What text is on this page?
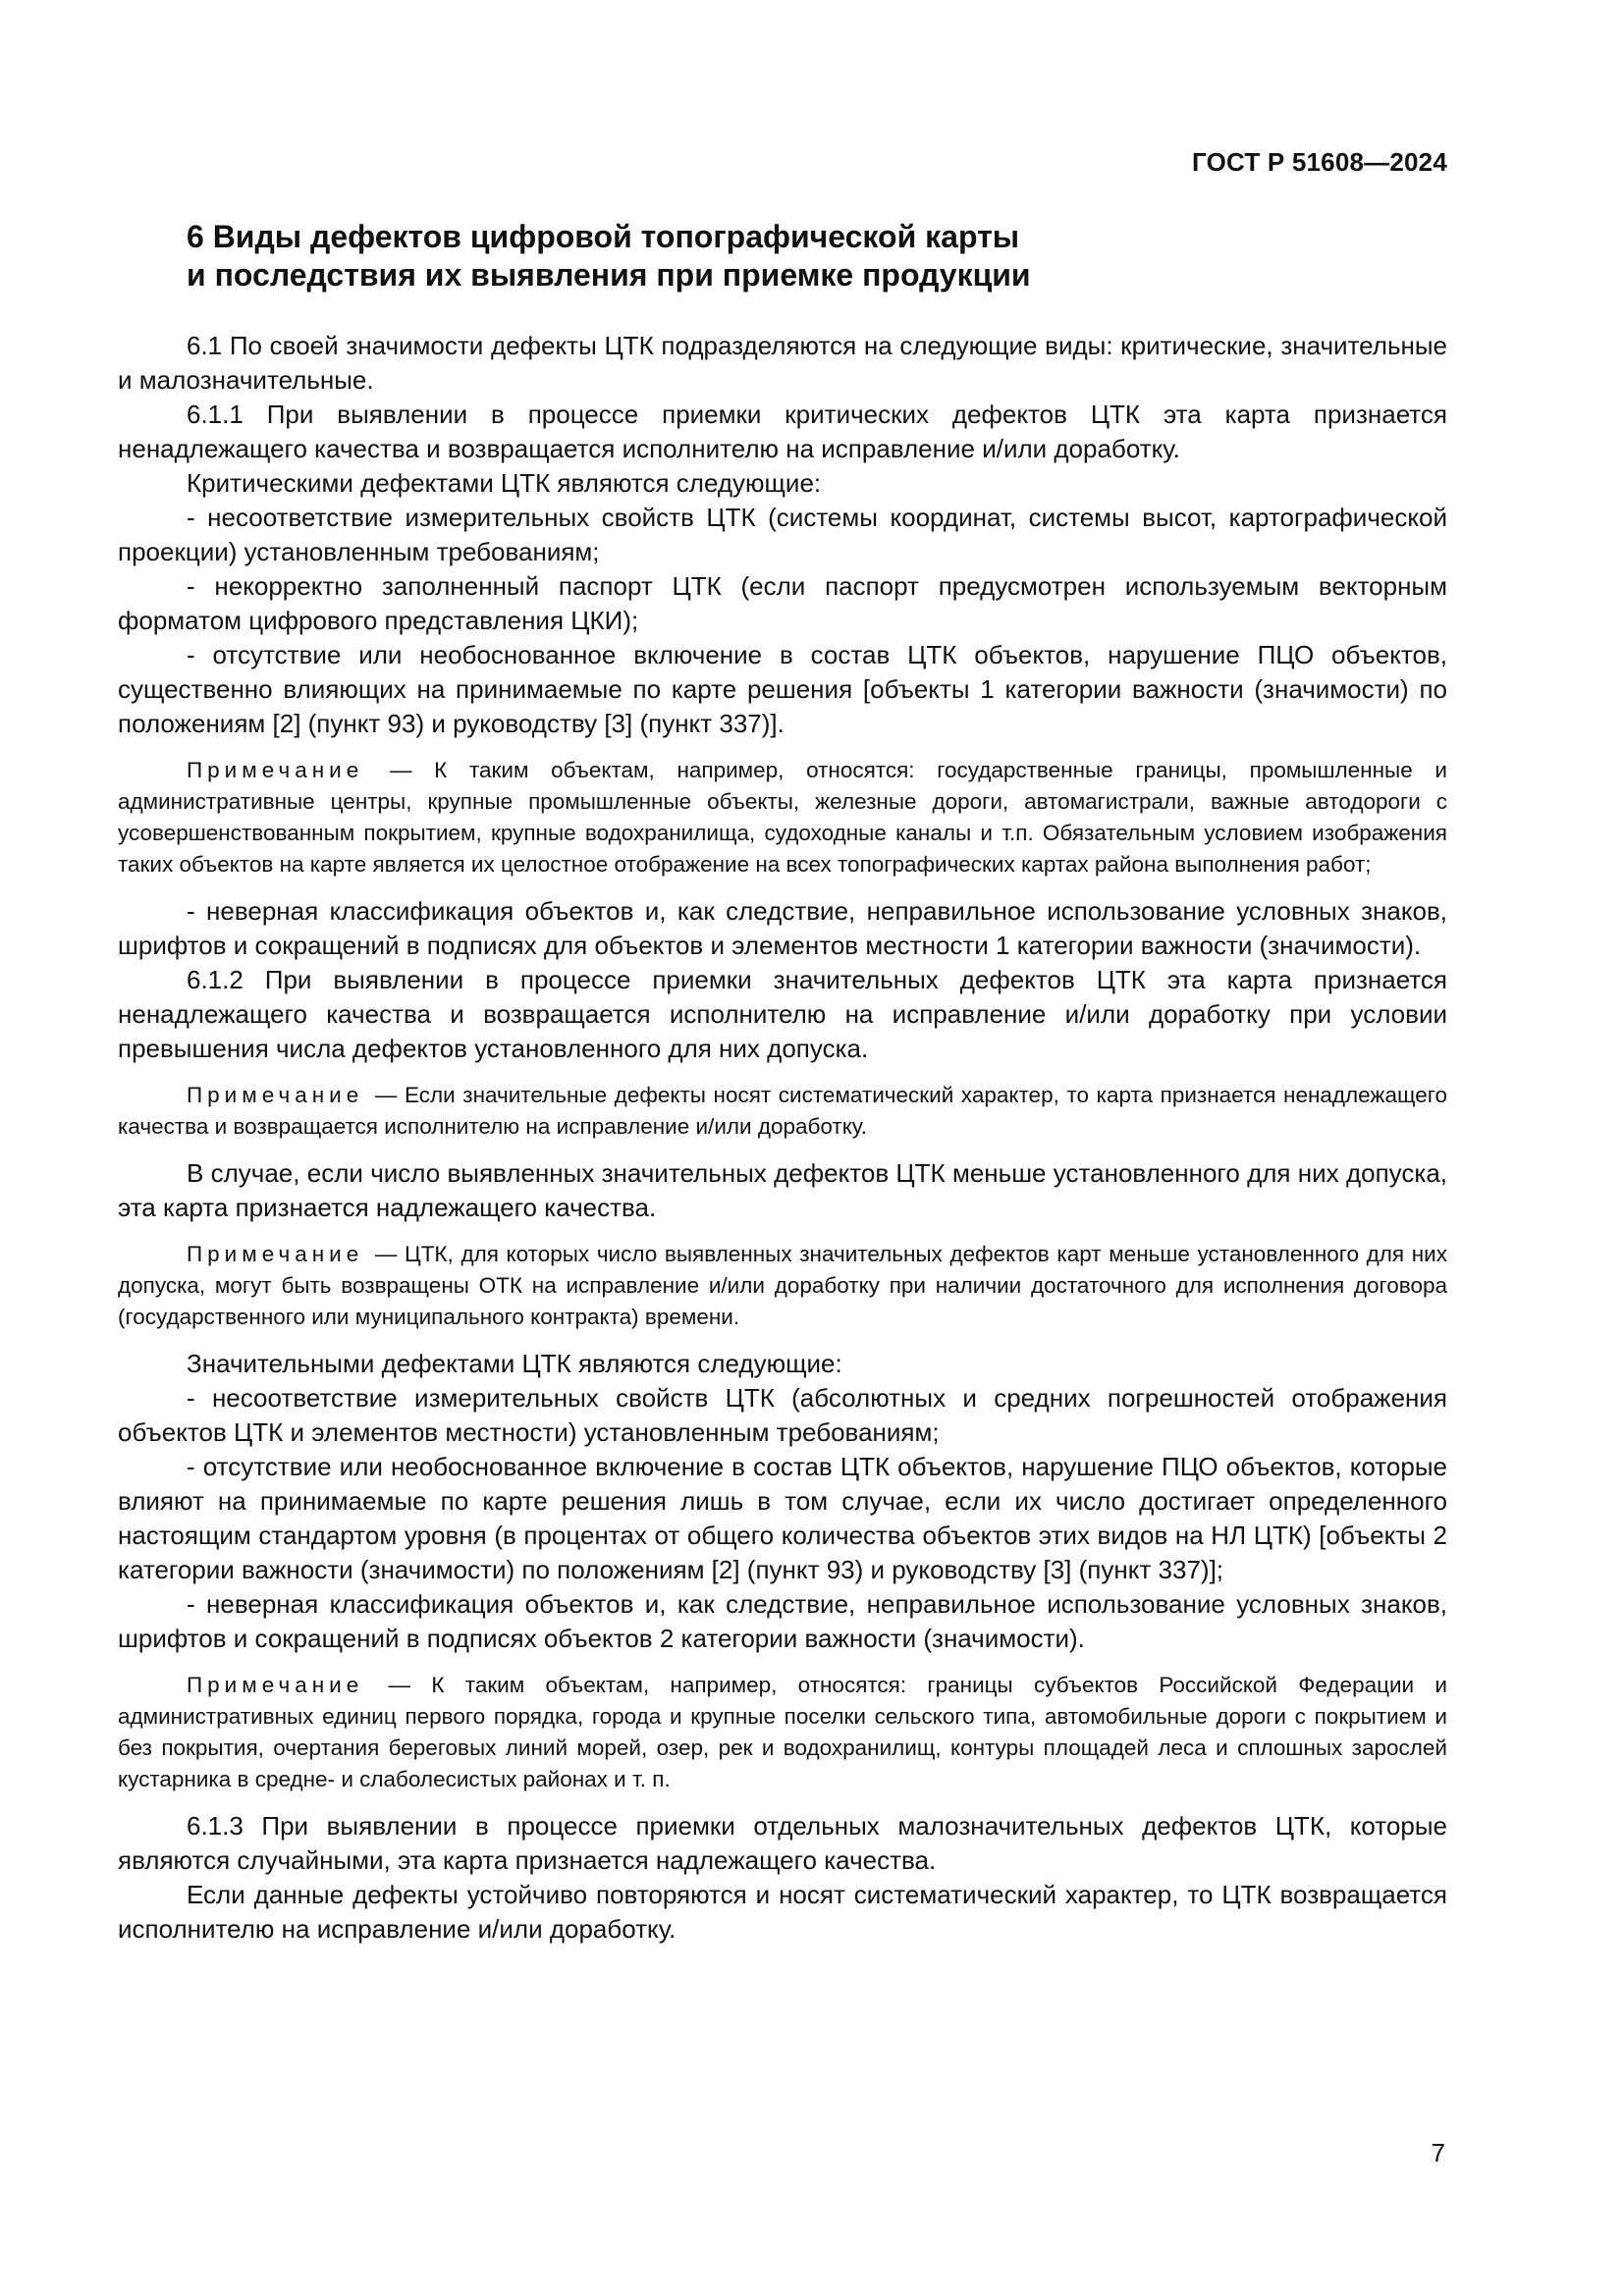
ГОСТ Р 51608—2024
6 Виды дефектов цифровой топографической карты
и последствия их выявления при приемке продукции

6.1 По своей значимости дефекты ЦТК подразделяются на следующие виды: критические, значительные и малозначительные.

6.1.1 При выявлении в процессе приемки критических дефектов ЦТК эта карта признается ненадлежащего качества и возвращается исполнителю на исправление и/или доработку.

Критическими дефектами ЦТК являются следующие:

- несоответствие измерительных свойств ЦТК (системы координат, системы высот, картографической проекции) установленным требованиям;

- некорректно заполненный паспорт ЦТК (если паспорт предусмотрен используемым векторным форматом цифрового представления ЦКИ);

- отсутствие или необоснованное включение в состав ЦТК объектов, нарушение ПЦО объектов, существенно влияющих на принимаемые по карте решения [объекты 1 категории важности (значимости) по положениям [2] (пункт 93) и руководству [3] (пункт 337)].

Примечание — К таким объектам, например, относятся: государственные границы, промышленные и административные центры, крупные промышленные объекты, железные дороги, автомагистрали, важные автодороги с усовершенствованным покрытием, крупные водохранилища, судоходные каналы и т.п. Обязательным условием изображения таких объектов на карте является их целостное отображение на всех топографических картах района выполнения работ;

- неверная классификация объектов и, как следствие, неправильное использование условных знаков, шрифтов и сокращений в подписях для объектов и элементов местности 1 категории важности (значимости).

6.1.2 При выявлении в процессе приемки значительных дефектов ЦТК эта карта признается ненадлежащего качества и возвращается исполнителю на исправление и/или доработку при условии превышения числа дефектов установленного для них допуска.

Примечание — Если значительные дефекты носят систематический характер, то карта признается ненадлежащего качества и возвращается исполнителю на исправление и/или доработку.

В случае, если число выявленных значительных дефектов ЦТК меньше установленного для них допуска, эта карта признается надлежащего качества.

Примечание — ЦТК, для которых число выявленных значительных дефектов карт меньше установленного для них допуска, могут быть возвращены ОТК на исправление и/или доработку при наличии достаточного для исполнения договора (государственного или муниципального контракта) времени.

Значительными дефектами ЦТК являются следующие:

- несоответствие измерительных свойств ЦТК (абсолютных и средних погрешностей отображения объектов ЦТК и элементов местности) установленным требованиям;

- отсутствие или необоснованное включение в состав ЦТК объектов, нарушение ПЦО объектов, которые влияют на принимаемые по карте решения лишь в том случае, если их число достигает определенного настоящим стандартом уровня (в процентах от общего количества объектов этих видов на НЛ ЦТК) [объекты 2 категории важности (значимости) по положениям [2] (пункт 93) и руководству [3] (пункт 337)];

- неверная классификация объектов и, как следствие, неправильное использование условных знаков, шрифтов и сокращений в подписях объектов 2 категории важности (значимости).

Примечание — К таким объектам, например, относятся: границы субъектов Российской Федерации и административных единиц первого порядка, города и крупные поселки сельского типа, автомобильные дороги с покрытием и без покрытия, очертания береговых линий морей, озер, рек и водохранилищ, контуры площадей леса и сплошных зарослей кустарника в средне- и слаболесистых районах и т. п.

6.1.3 При выявлении в процессе приемки отдельных малозначительных дефектов ЦТК, которые являются случайными, эта карта признается надлежащего качества.

Если данные дефекты устойчиво повторяются и носят систематический характер, то ЦТК возвращается исполнителю на исправление и/или доработку.

7
